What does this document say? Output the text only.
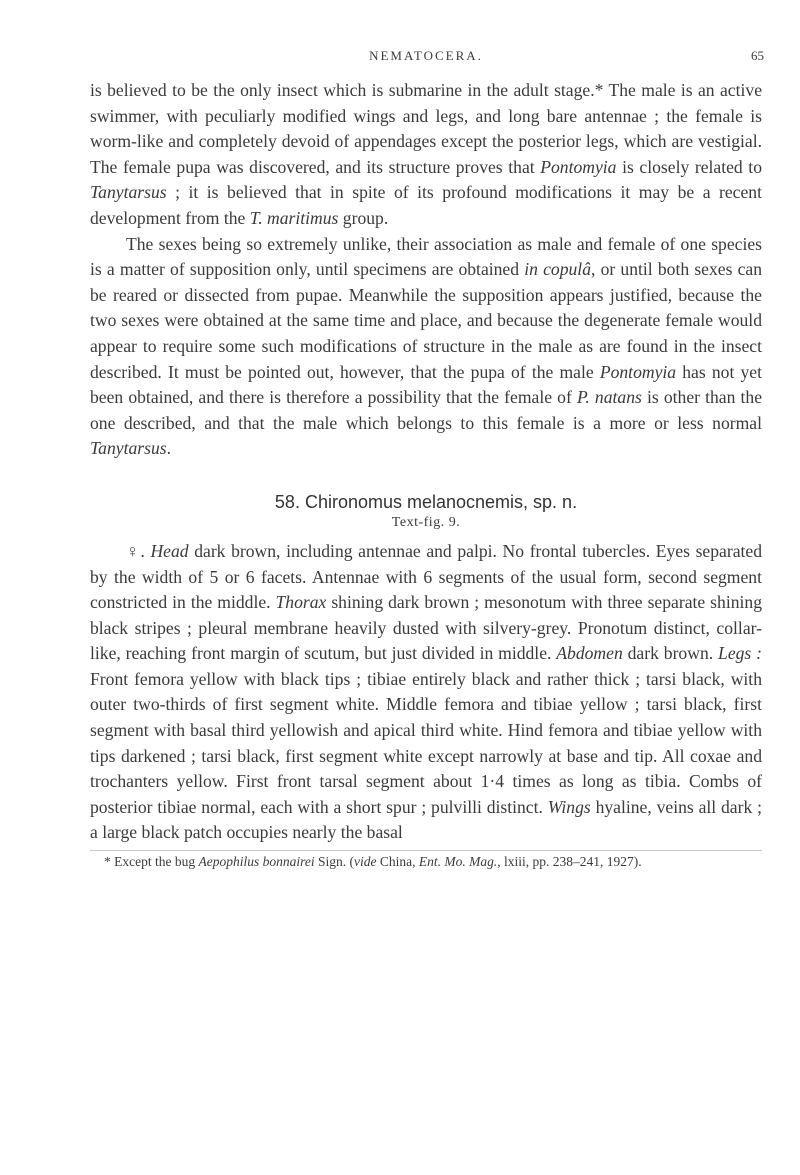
NEMATOCERA.	65

is believed to be the only insect which is submarine in the adult stage.* The male is an active swimmer, with peculiarly modified wings and legs, and long bare antennae ; the female is worm-like and completely devoid of appendages except the posterior legs, which are vestigial. The female pupa was discovered, and its structure proves that Pontomyia is closely related to Tanytarsus ; it is believed that in spite of its profound modifications it may be a recent development from the T. maritimus group.

The sexes being so extremely unlike, their association as male and female of one species is a matter of supposition only, until specimens are obtained in copulâ, or until both sexes can be reared or dissected from pupae. Meanwhile the supposition appears justified, because the two sexes were obtained at the same time and place, and because the degenerate female would appear to require some such modifications of structure in the male as are found in the insect described. It must be pointed out, however, that the pupa of the male Pontomyia has not yet been obtained, and there is therefore a possibility that the female of P. natans is other than the one described, and that the male which belongs to this female is a more or less normal Tanytarsus.

58. Chironomus melanocnemis, sp. n.
Text-fig. 9.

♀. Head dark brown, including antennae and palpi. No frontal tubercles. Eyes separated by the width of 5 or 6 facets. Antennae with 6 segments of the usual form, second segment constricted in the middle. Thorax shining dark brown ; mesonotum with three separate shining black stripes ; pleural membrane heavily dusted with silvery-grey. Pronotum distinct, collar-like, reaching front margin of scutum, but just divided in middle. Abdomen dark brown. Legs : Front femora yellow with black tips ; tibiae entirely black and rather thick ; tarsi black, with outer two-thirds of first segment white. Middle femora and tibiae yellow ; tarsi black, first segment with basal third yellowish and apical third white. Hind femora and tibiae yellow with tips darkened ; tarsi black, first segment white except narrowly at base and tip. All coxae and trochanters yellow. First front tarsal segment about 1·4 times as long as tibia. Combs of posterior tibiae normal, each with a short spur ; pulvilli distinct. Wings hyaline, veins all dark ; a large black patch occupies nearly the basal

* Except the bug Aepophilus bonnairei Sign. (vide China, Ent. Mo. Mag., lxiii, pp. 238–241, 1927).
